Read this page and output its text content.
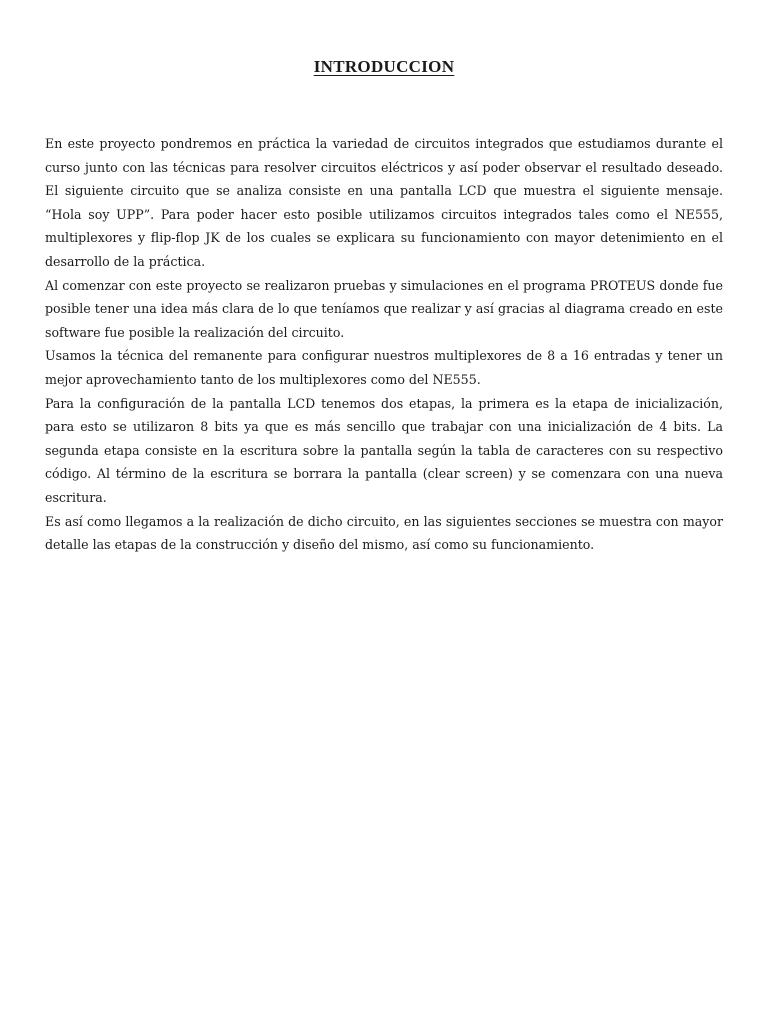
INTRODUCCION

En este proyecto pondremos en práctica la variedad de circuitos integrados que estudiamos durante el curso junto con las técnicas para resolver circuitos eléctricos y así poder observar el resultado deseado. El siguiente circuito que se analiza consiste en una pantalla LCD que muestra el siguiente mensaje. “Hola soy UPP”. Para poder hacer esto posible utilizamos circuitos integrados tales como el NE555, multiplexores y flip-flop JK de los cuales se explicara su funcionamiento con mayor detenimiento en el desarrollo de la práctica.

Al comenzar con este proyecto se realizaron pruebas y simulaciones en el programa PROTEUS donde fue posible tener una idea más clara de lo que teníamos que realizar y así gracias al diagrama creado en este software fue posible la realización del circuito.

Usamos la técnica del remanente para configurar nuestros multiplexores de 8 a 16 entradas y tener un mejor aprovechamiento tanto de los multiplexores como del NE555.

Para la configuración de la pantalla LCD tenemos dos etapas, la primera es la etapa de inicialización, para esto se utilizaron 8 bits ya que es más sencillo que trabajar con una inicialización de 4 bits. La segunda etapa consiste en la escritura sobre la pantalla según la tabla de caracteres con su respectivo código. Al término de la escritura se borrara la pantalla (clear screen) y se comenzara con una nueva escritura.

Es así como llegamos a la realización de dicho circuito, en las siguientes secciones se muestra con mayor detalle las etapas de la construcción y diseño del mismo, así como su funcionamiento.
